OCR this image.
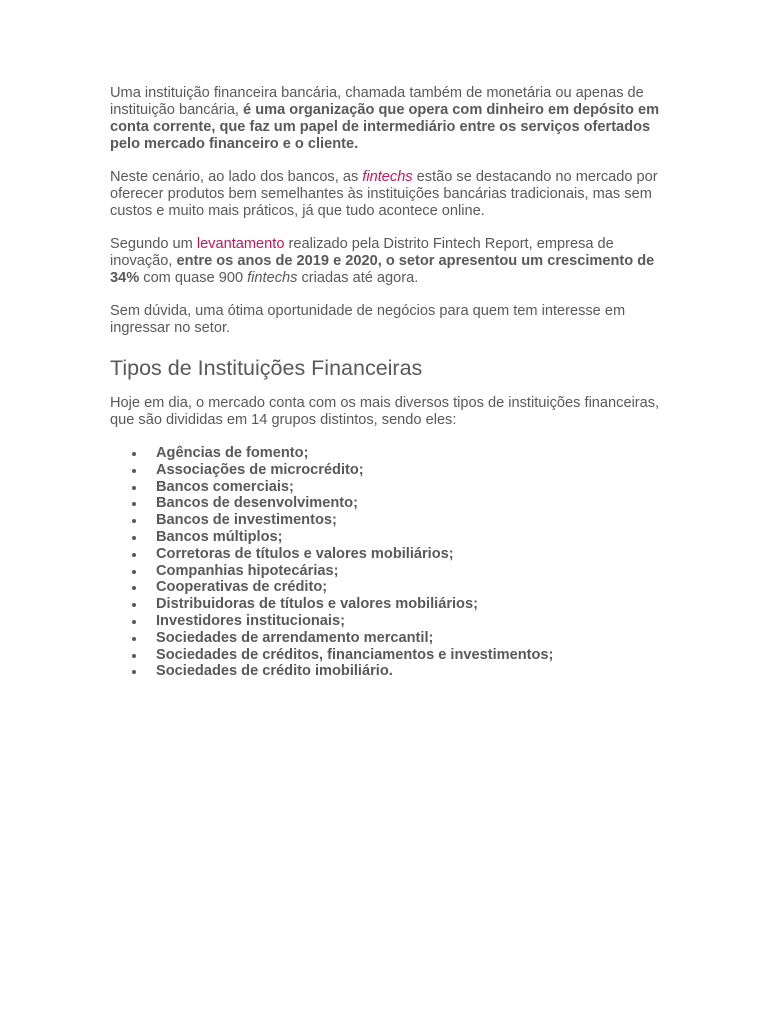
Uma instituição financeira bancária, chamada também de monetária ou apenas de instituição bancária, é uma organização que opera com dinheiro em depósito em conta corrente, que faz um papel de intermediário entre os serviços ofertados pelo mercado financeiro e o cliente.

Neste cenário, ao lado dos bancos, as fintechs estão se destacando no mercado por oferecer produtos bem semelhantes às instituições bancárias tradicionais, mas sem custos e muito mais práticos, já que tudo acontece online.

Segundo um levantamento realizado pela Distrito Fintech Report, empresa de inovação, entre os anos de 2019 e 2020, o setor apresentou um crescimento de 34% com quase 900 fintechs criadas até agora.

Sem dúvida, uma ótima oportunidade de negócios para quem tem interesse em ingressar no setor.

Tipos de Instituições Financeiras

Hoje em dia, o mercado conta com os mais diversos tipos de instituições financeiras, que são divididas em 14 grupos distintos, sendo eles:

Agências de fomento;
Associações de microcrédito;
Bancos comerciais;
Bancos de desenvolvimento;
Bancos de investimentos;
Bancos múltiplos;
Corretoras de títulos e valores mobiliários;
Companhias hipotecárias;
Cooperativas de crédito;
Distribuidoras de títulos e valores mobiliários;
Investidores institucionais;
Sociedades de arrendamento mercantil;
Sociedades de créditos, financiamentos e investimentos;
Sociedades de crédito imobiliário.
